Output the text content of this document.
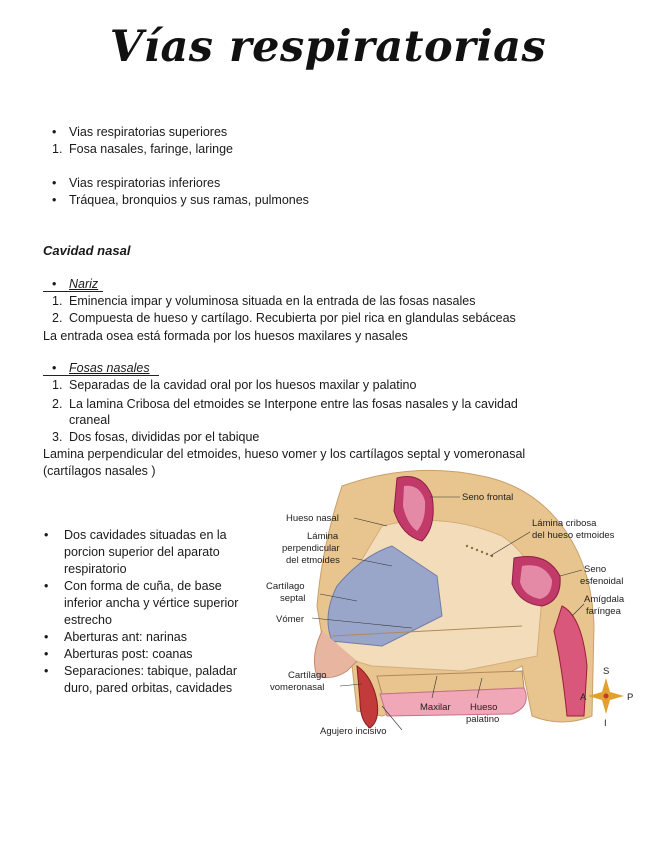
Vías respiratorias
• Vias respiratorias superiores
1. Fosa nasales, faringe, laringe
• Vias respiratorias inferiores
• Tráquea, bronquios y sus ramas, pulmones
Cavidad nasal
• Nariz
1. Eminencia impar y voluminosa situada en la entrada de las fosas nasales
2. Compuesta de hueso y cartílago. Recubierta por piel rica en glandulas sebáceas
La entrada osea está formada por los huesos maxilares y nasales
• Fosas nasales
1. Separadas de la cavidad oral por los huesos maxilar y palatino
2. La lamina Cribosa del etmoides se Interpone entre las fosas nasales y la cavidad
craneal
3. Dos fosas, divididas por el tabique
Lamina perpendicular del etmoides, hueso vomer y los cartílagos septal y vomeronasal
(cartílagos nasales )
• Dos cavidades situadas en la
porcion superior del aparato
respiratorio
• Con forma de cuña, de base
inferior ancha y vértice superior
estrecho
• Aberturas ant: narinas
• Aberturas post: coanas
• Separaciones: tabique, paladar
duro, pared orbitas, cavidades
Seno frontal
Hueso nasal	Lámina cribosa
del hueso etmoides
Lámina
perpendicular
del etmoides
Seno
esfenoidal
Cartílago
septal	Amígdala
faríngea
Vómer
Cartílago
vomeronasal
Maxilar Hueso
palatino
Agujero incisivo
S
I
A	P
